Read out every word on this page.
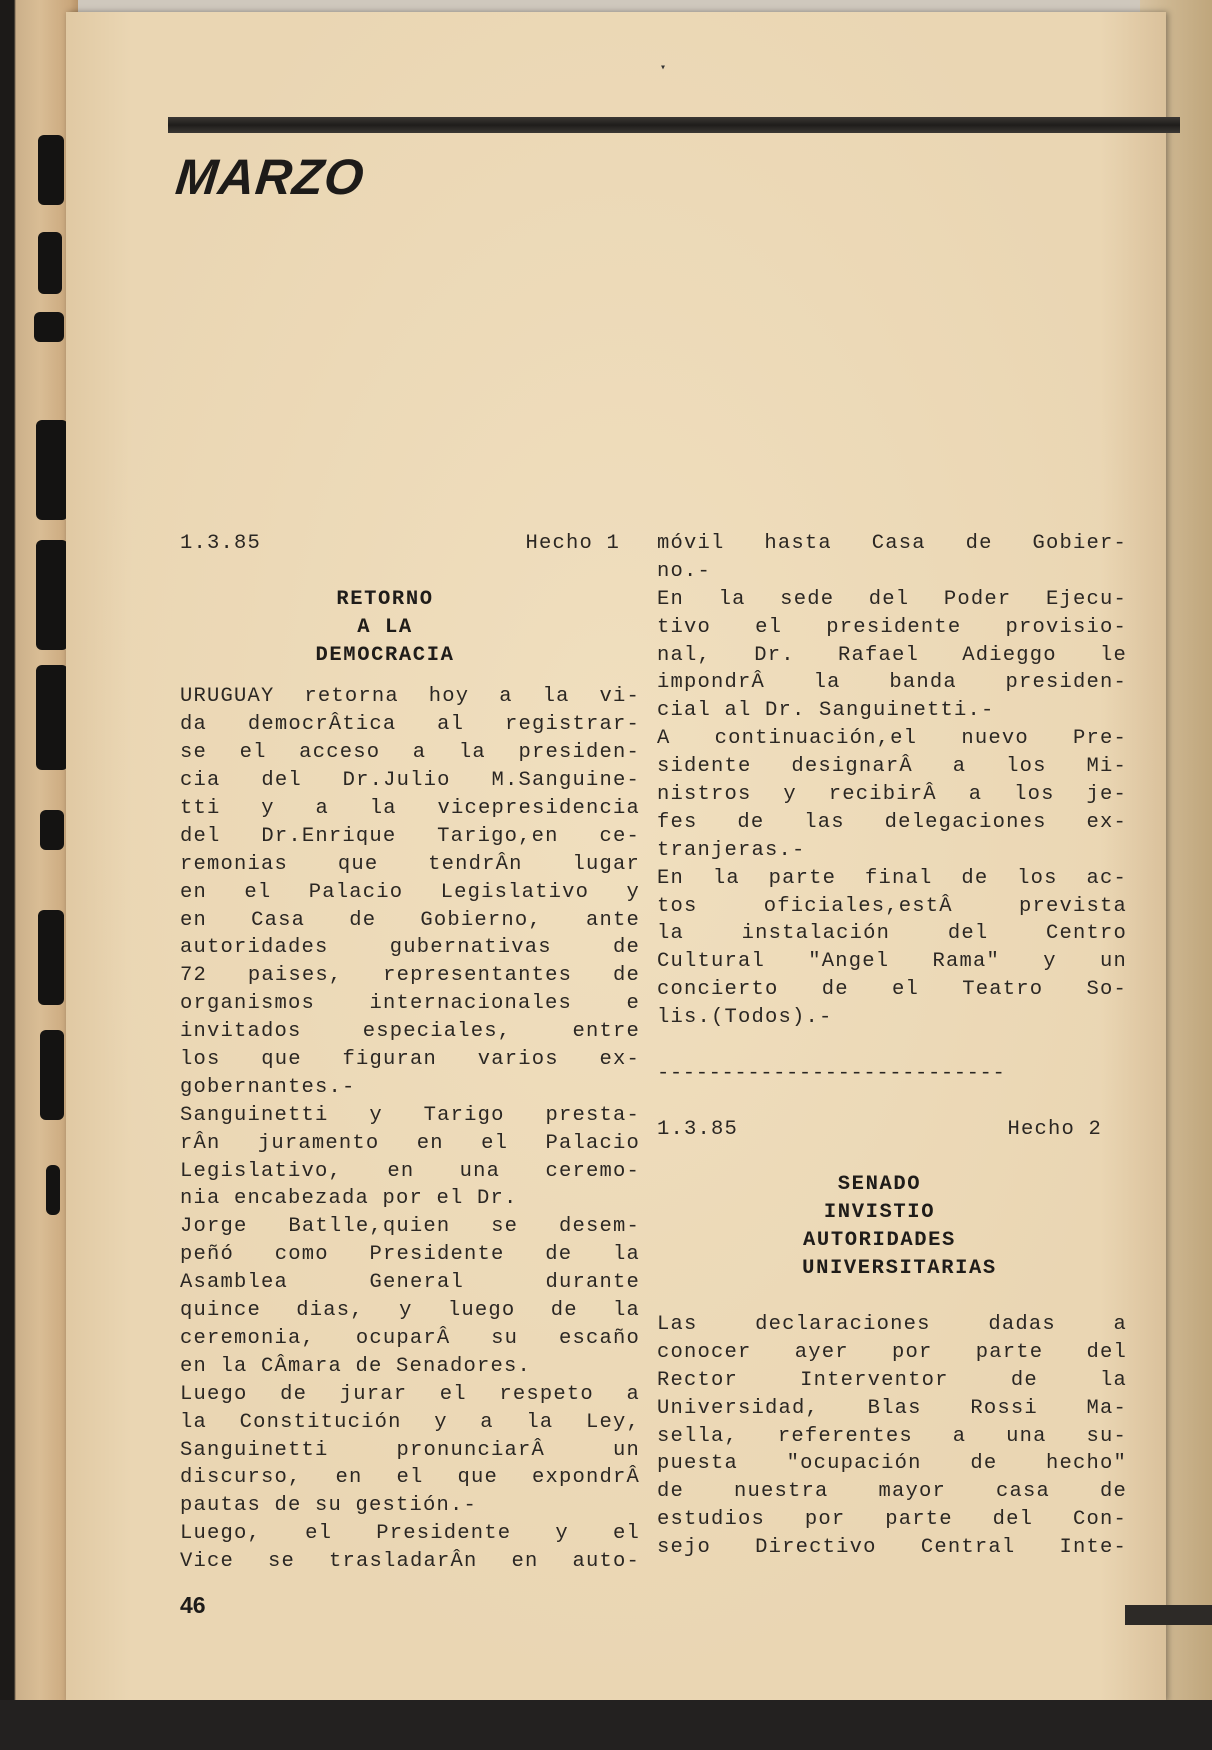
▾
MARZO
1.3.85	Hecho 1
RETORNO
A LA
DEMOCRACIA
URUGUAY retorna hoy a la vi-
da democrÂtica al registrar-
se el acceso a la presiden-
cia del Dr.Julio M.Sanguine-
tti y a la vicepresidencia
del Dr.Enrique Tarigo,en ce-
remonias que tendrÂn lugar
en el Palacio Legislativo y
en Casa de Gobierno, ante
autoridades gubernativas de
72 paises, representantes de
organismos internacionales e
invitados especiales, entre
los que figuran varios ex-
gobernantes.-
Sanguinetti y Tarigo presta-
rÂn juramento en el Palacio
Legislativo, en una ceremo-
nia encabezada por el Dr.
Jorge Batlle,quien se desem-
peñó como Presidente de la
Asamblea General durante
quince dias, y luego de la
ceremonia, ocuparÂ su escaño
en la CÂmara de Senadores.
Luego de jurar el respeto a
la Constitución y a la Ley,
Sanguinetti pronunciarÂ un
discurso, en el que expondrÂ
pautas de su gestión.-
Luego, el Presidente y el
Vice se trasladarÂn en auto-
móvil hasta Casa de Gobier-
no.-
En la sede del Poder Ejecu-
tivo el presidente provisio-
nal, Dr. Rafael Adieggo le
impondrÂ la banda presiden-
cial al Dr. Sanguinetti.-
A continuación,el nuevo Pre-
sidente designarÂ a los Mi-
nistros y recibirÂ a los je-
fes de las delegaciones ex-
tranjeras.-
En la parte final de los ac-
tos oficiales,estÂ prevista
la instalación del Centro
Cultural "Angel Rama" y un
concierto de el Teatro So-
lis.(Todos).-
---------------------------
1.3.85	Hecho 2
SENADO
INVISTIO
AUTORIDADES
UNIVERSITARIAS
Las declaraciones dadas a
conocer ayer por parte del
Rector Interventor de la
Universidad, Blas Rossi Ma-
sella, referentes a una su-
puesta "ocupación de hecho"
de nuestra mayor casa de
estudios por parte del Con-
sejo Directivo Central Inte-

46
